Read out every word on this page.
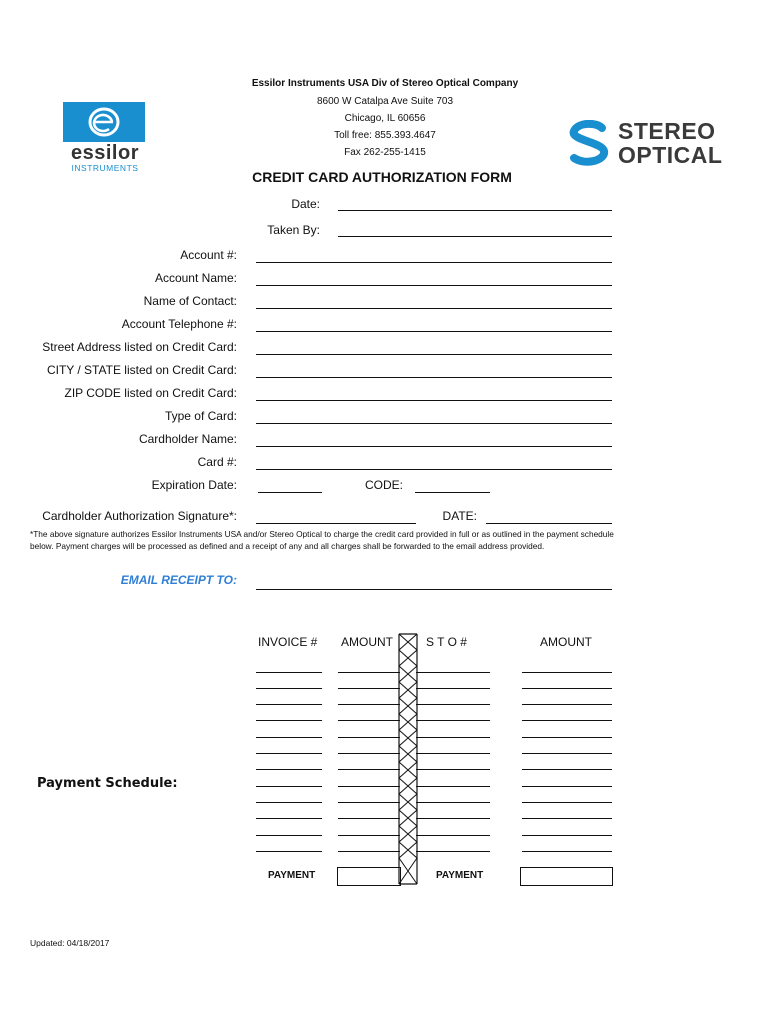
essilor
INSTRUMENTS
STEREO
OPTICAL
Essilor Instruments USA Div of Stereo Optical Company
8600 W Catalpa Ave Suite 703
Chicago, IL 60656
Toll free: 855.393.4647
Fax 262-255-1415
CREDIT CARD AUTHORIZATION FORM
Date:
Taken By:
Account #:
Account Name:
Name of Contact:
Account Telephone #:
Street Address listed on Credit Card:
CITY / STATE listed on Credit Card:
ZIP CODE listed on Credit Card:
Type of Card:
Cardholder Name:
Card #:
Expiration Date:	CODE:
Cardholder Authorization Signature*:	DATE:
*The above signature authorizes Essilor Instruments USA and/or Stereo Optical to charge the credit card provided in full or as outlined in the payment schedule below. Payment charges will be processed as defined and a receipt of any and all charges shall be forwarded to the email address provided.
EMAIL RECEIPT TO:
INVOICE # AMOUNT	S T O #	AMOUNT
Payment Schedule:
PAYMENT	PAYMENT
Updated: 04/18/2017
